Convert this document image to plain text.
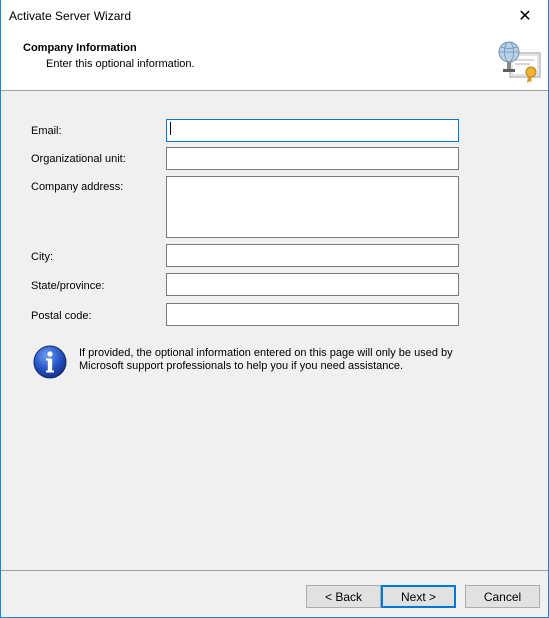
Activate Server Wizard	✕
Company Information
Enter this optional information.
Email:
Organizational unit:
Company address:
City:
State/province:
Postal code:
If provided, the optional information entered on this page will only be used by Microsoft support professionals to help you if you need assistance.
< Back	Next >	Cancel
